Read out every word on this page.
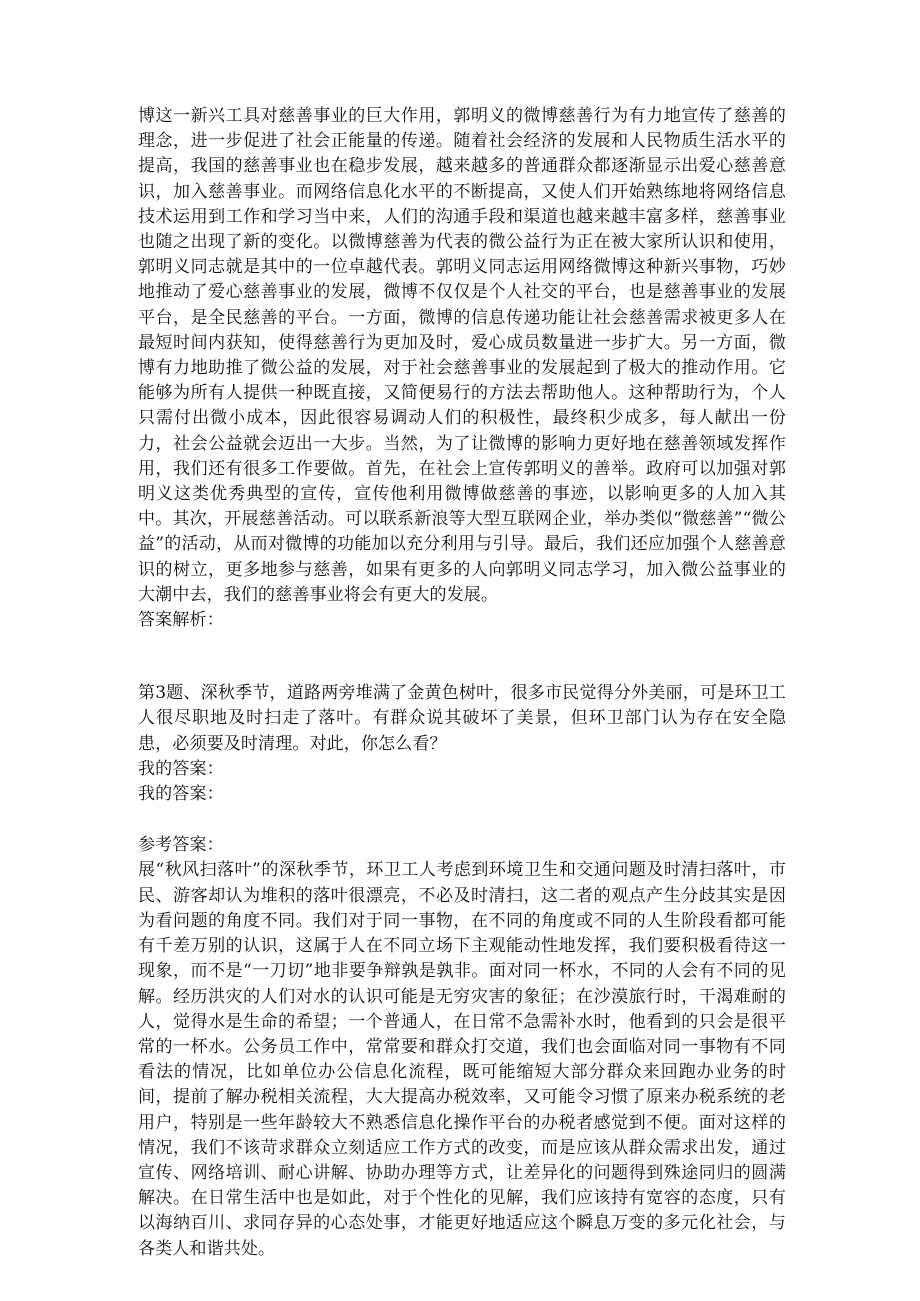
博这一新兴工具对慈善事业的巨大作用，郭明义的微博慈善行为有力地宣传了慈善的理念，进一步促进了社会正能量的传递。随着社会经济的发展和人民物质生活水平的提高，我国的慈善事业也在稳步发展，越来越多的普通群众都逐渐显示出爱心慈善意识，加入慈善事业。而网络信息化水平的不断提高，又使人们开始熟练地将网络信息技术运用到工作和学习当中来，人们的沟通手段和渠道也越来越丰富多样，慈善事业也随之出现了新的变化。以微博慈善为代表的微公益行为正在被大家所认识和使用，郭明义同志就是其中的一位卓越代表。郭明义同志运用网络微博这种新兴事物，巧妙地推动了爱心慈善事业的发展，微博不仅仅是个人社交的平台，也是慈善事业的发展平台，是全民慈善的平台。一方面，微博的信息传递功能让社会慈善需求被更多人在最短时间内获知，使得慈善行为更加及时，爱心成员数量进一步扩大。另一方面，微博有力地助推了微公益的发展，对于社会慈善事业的发展起到了极大的推动作用。它能够为所有人提供一种既直接，又简便易行的方法去帮助他人。这种帮助行为，个人只需付出微小成本，因此很容易调动人们的积极性，最终积少成多，每人献出一份力，社会公益就会迈出一大步。当然，为了让微博的影响力更好地在慈善领域发挥作用，我们还有很多工作要做。首先，在社会上宣传郭明义的善举。政府可以加强对郭明义这类优秀典型的宣传，宣传他利用微博做慈善的事迹，以影响更多的人加入其中。其次，开展慈善活动。可以联系新浪等大型互联网企业，举办类似“微慈善”“微公益”的活动，从而对微博的功能加以充分利用与引导。最后，我们还应加强个人慈善意识的树立，更多地参与慈善，如果有更多的人向郭明义同志学习，加入微公益事业的大潮中去，我们的慈善事业将会有更大的发展。

答案解析：

第3题、深秋季节，道路两旁堆满了金黄色树叶，很多市民觉得分外美丽，可是环卫工人很尽职地及时扫走了落叶。有群众说其破坏了美景，但环卫部门认为存在安全隐患，必须要及时清理。对此，你怎么看？

我的答案：

我的答案：

参考答案：

展“秋风扫落叶”的深秋季节，环卫工人考虑到环境卫生和交通问题及时清扫落叶，市民、游客却认为堆积的落叶很漂亮，不必及时清扫，这二者的观点产生分歧其实是因为看问题的角度不同。我们对于同一事物，在不同的角度或不同的人生阶段看都可能有千差万别的认识，这属于人在不同立场下主观能动性地发挥，我们要积极看待这一现象，而不是“一刀切”地非要争辩孰是孰非。面对同一杯水，不同的人会有不同的见解。经历洪灾的人们对水的认识可能是无穷灾害的象征；在沙漠旅行时，干渴难耐的人，觉得水是生命的希望；一个普通人，在日常不急需补水时，他看到的只会是很平常的一杯水。公务员工作中，常常要和群众打交道，我们也会面临对同一事物有不同看法的情况，比如单位办公信息化流程，既可能缩短大部分群众来回跑办业务的时间，提前了解办税相关流程，大大提高办税效率，又可能令习惯了原来办税系统的老用户，特别是一些年龄较大不熟悉信息化操作平台的办税者感觉到不便。面对这样的情况，我们不该苛求群众立刻适应工作方式的改变，而是应该从群众需求出发，通过宣传、网络培训、耐心讲解、协助办理等方式，让差异化的问题得到殊途同归的圆满解决。在日常生活中也是如此，对于个性化的见解，我们应该持有宽容的态度，只有以海纳百川、求同存异的心态处事，才能更好地适应这个瞬息万变的多元化社会，与各类人和谐共处。
